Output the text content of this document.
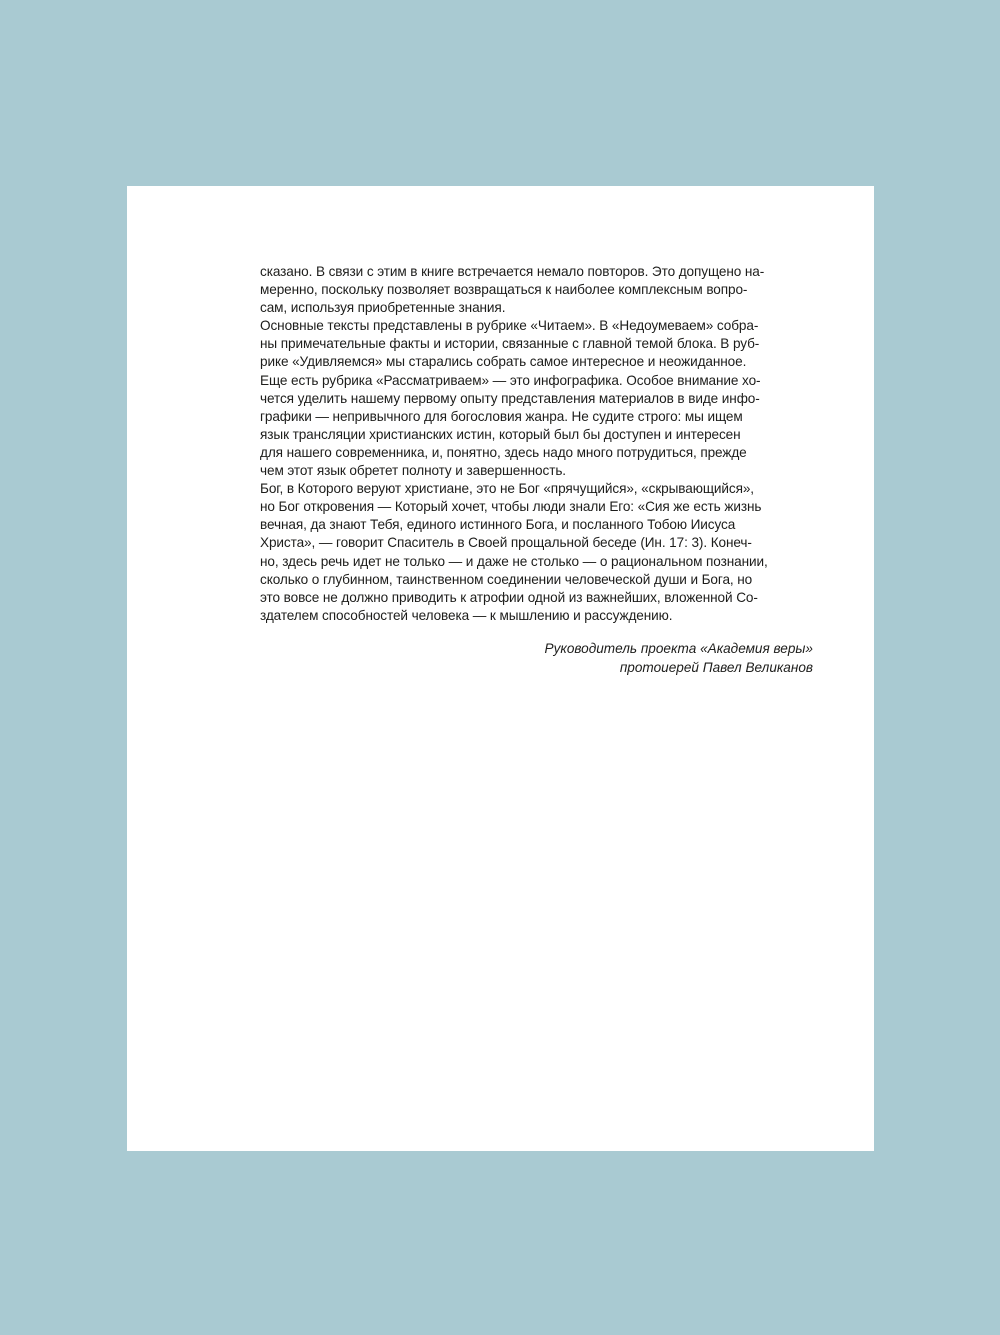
сказано. В связи с этим в книге встречается немало повторов. Это допущено на-
меренно, поскольку позволяет возвращаться к наиболее комплексным вопро-
сам, используя приобретенные знания.
Основные тексты представлены в рубрике «Читаем». В «Недоумеваем» собра-
ны примечательные факты и истории, связанные с главной темой блока. В руб-
рике «Удивляемся» мы старались собрать самое интересное и неожиданное.
Еще есть рубрика «Рассматриваем» — это инфографика. Особое внимание хо-
чется уделить нашему первому опыту представления материалов в виде инфо-
графики — непривычного для богословия жанра. Не судите строго: мы ищем
язык трансляции христианских истин, который был бы доступен и интересен
для нашего современника, и, понятно, здесь надо много потрудиться, прежде
чем этот язык обретет полноту и завершенность.
Бог, в Которого веруют христиане, это не Бог «прячущийся», «скрывающийся»,
но Бог откровения — Который хочет, чтобы люди знали Его: «Сия же есть жизнь
вечная, да знают Тебя, единого истинного Бога, и посланного Тобою Иисуса
Христа», — говорит Спаситель в Своей прощальной беседе (Ин. 17: 3). Конеч-
но, здесь речь идет не только — и даже не столько — о рациональном познании,
сколько о глубинном, таинственном соединении человеческой души и Бога, но
это вовсе не должно приводить к атрофии одной из важнейших, вложенной Со-
здателем способностей человека — к мышлению и рассуждению.
Руководитель проекта «Академия веры»
протоиерей Павел Великанов
